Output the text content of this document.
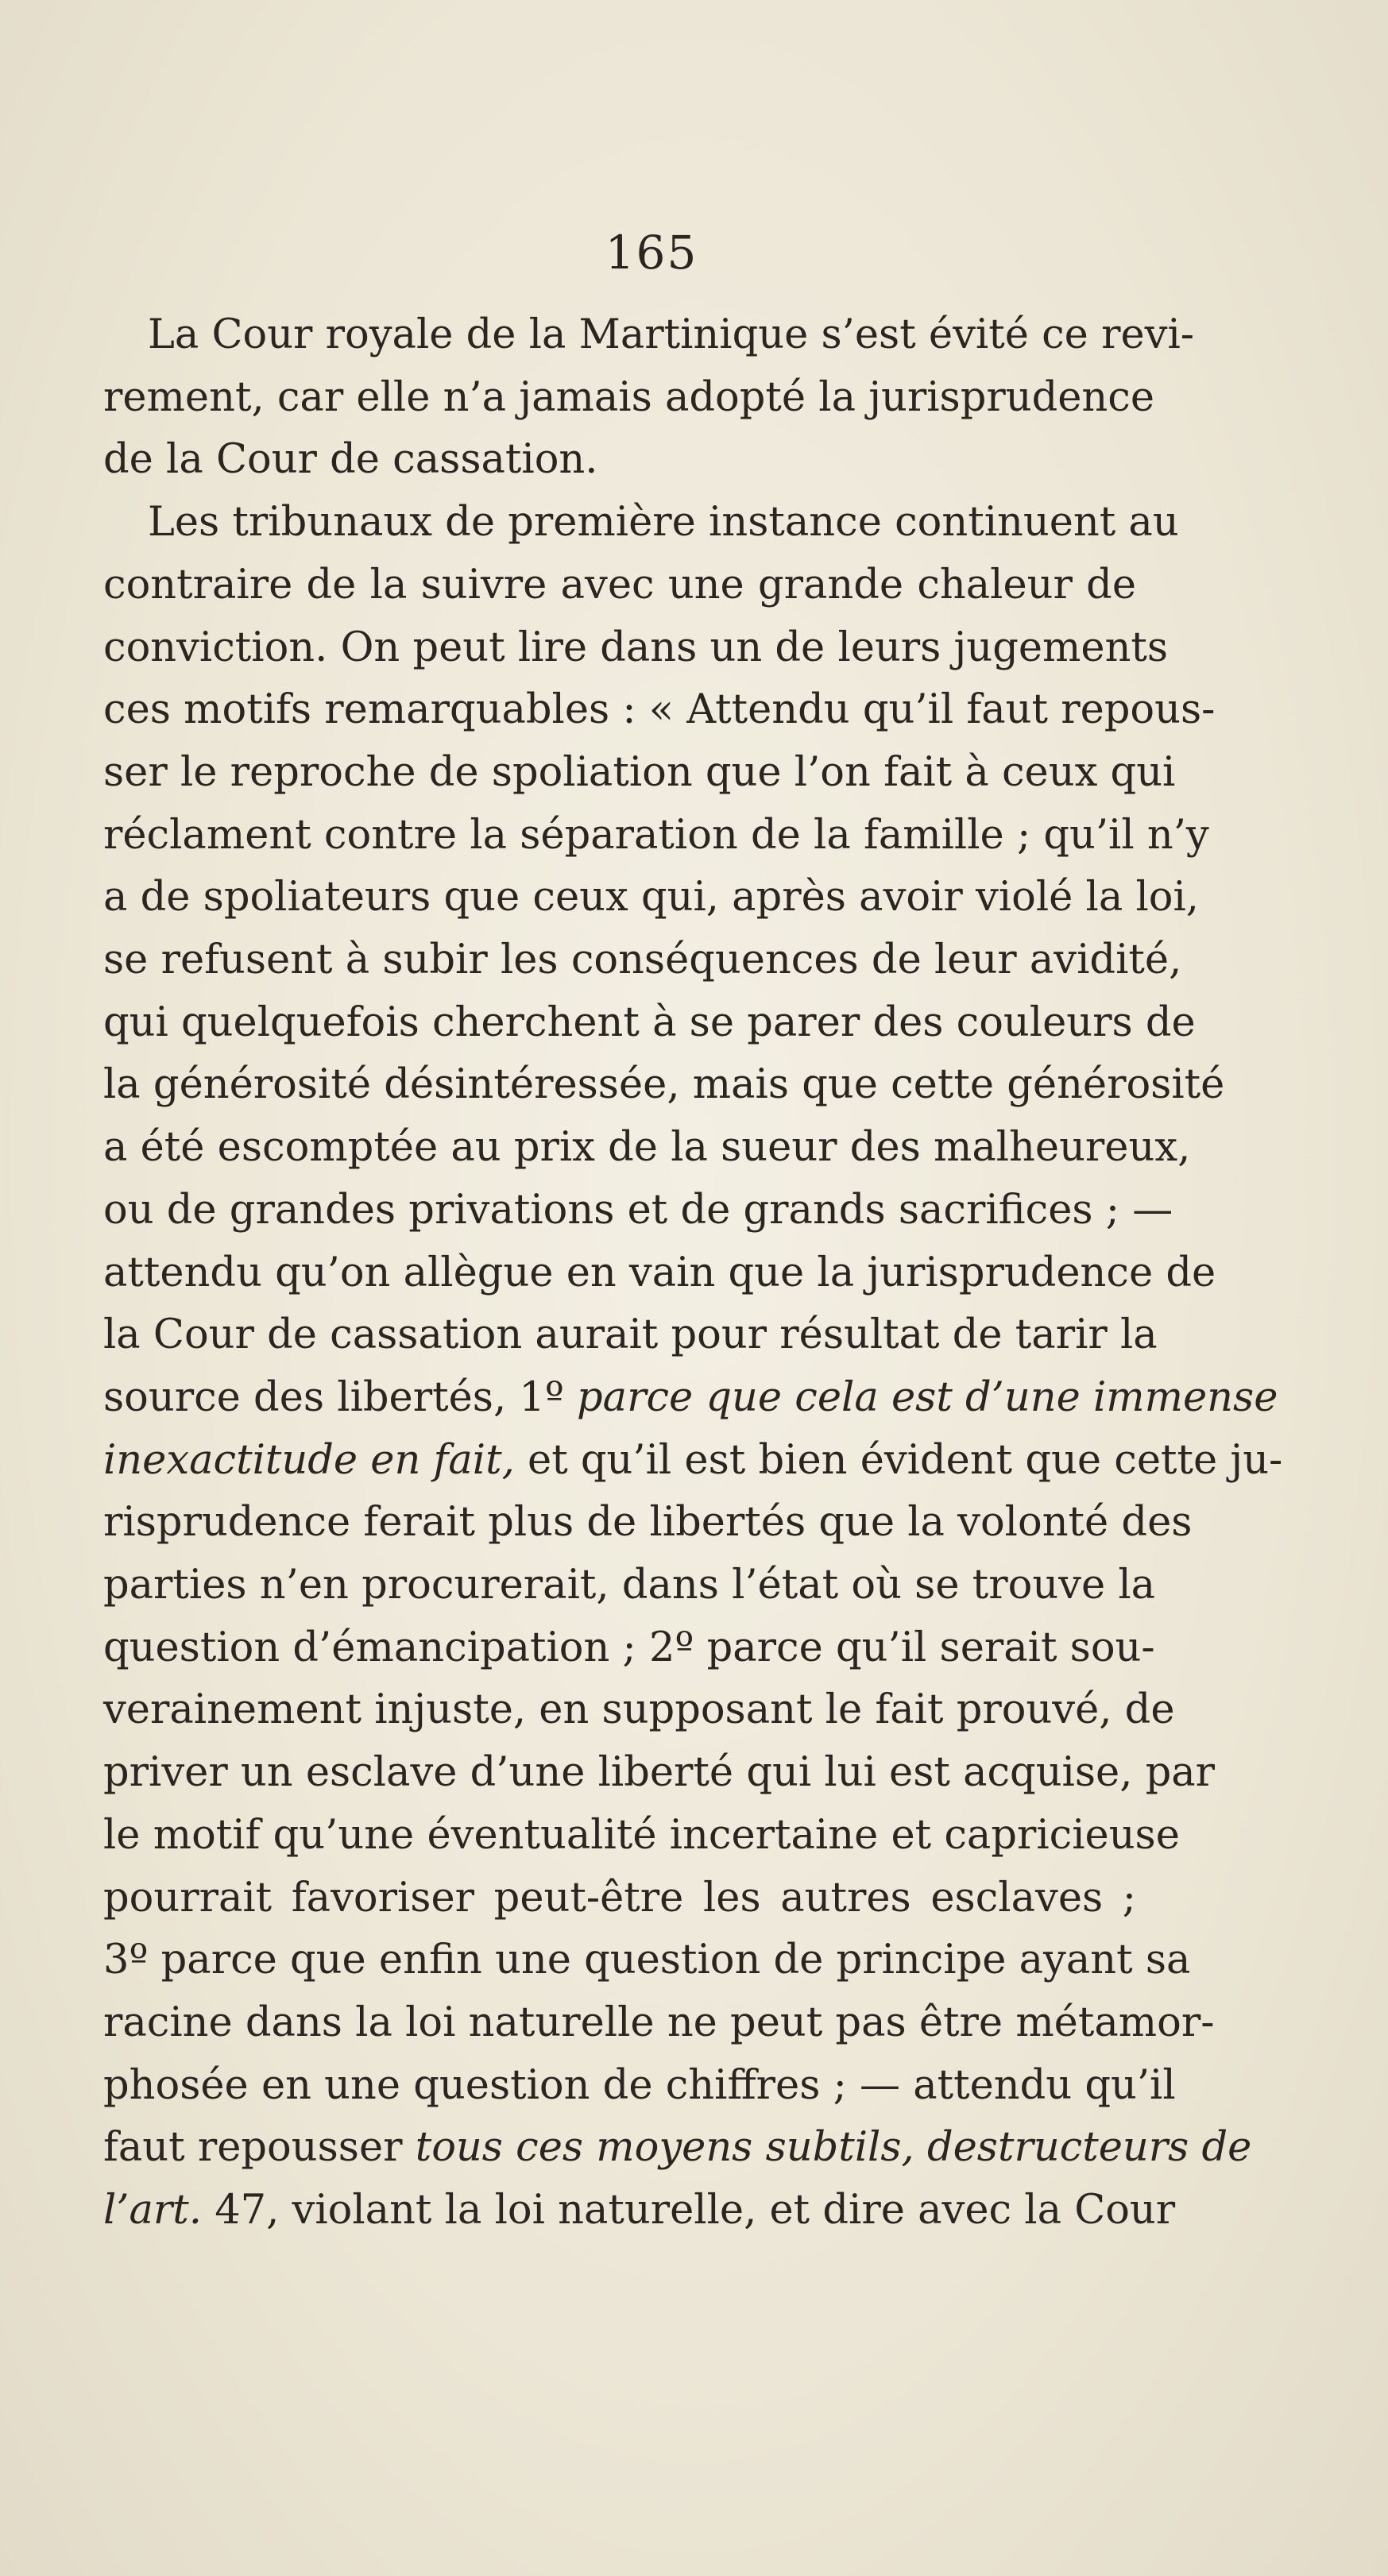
165
La Cour royale de la Martinique s’est évité ce revi-
rement, car elle n’a jamais adopté la jurisprudence
de la Cour de cassation.
Les tribunaux de première instance continuent au
contraire de la suivre avec une grande chaleur de
conviction. On peut lire dans un de leurs jugements
ces motifs remarquables : « Attendu qu’il faut repous-
ser le reproche de spoliation que l’on fait à ceux qui
réclament contre la séparation de la famille ; qu’il n’y
a de spoliateurs que ceux qui, après avoir violé la loi,
se refusent à subir les conséquences de leur avidité,
qui quelquefois cherchent à se parer des couleurs de
la générosité désintéressée, mais que cette générosité
a été escomptée au prix de la sueur des malheureux,
ou de grandes privations et de grands sacrifices ; —
attendu qu’on allègue en vain que la jurisprudence de
la Cour de cassation aurait pour résultat de tarir la
source des libertés, 1º parce que cela est d’une immense
inexactitude en fait, et qu’il est bien évident que cette ju-
risprudence ferait plus de libertés que la volonté des
parties n’en procurerait, dans l’état où se trouve la
question d’émancipation ; 2º parce qu’il serait sou-
verainement injuste, en supposant le fait prouvé, de
priver un esclave d’une liberté qui lui est acquise, par
le motif qu’une éventualité incertaine et capricieuse
pourrait favoriser peut-être les autres esclaves ;
3º parce que enfin une question de principe ayant sa
racine dans la loi naturelle ne peut pas être métamor-
phosée en une question de chiffres ; — attendu qu’il
faut repousser tous ces moyens subtils, destructeurs de
l’art. 47, violant la loi naturelle, et dire avec la Cour
